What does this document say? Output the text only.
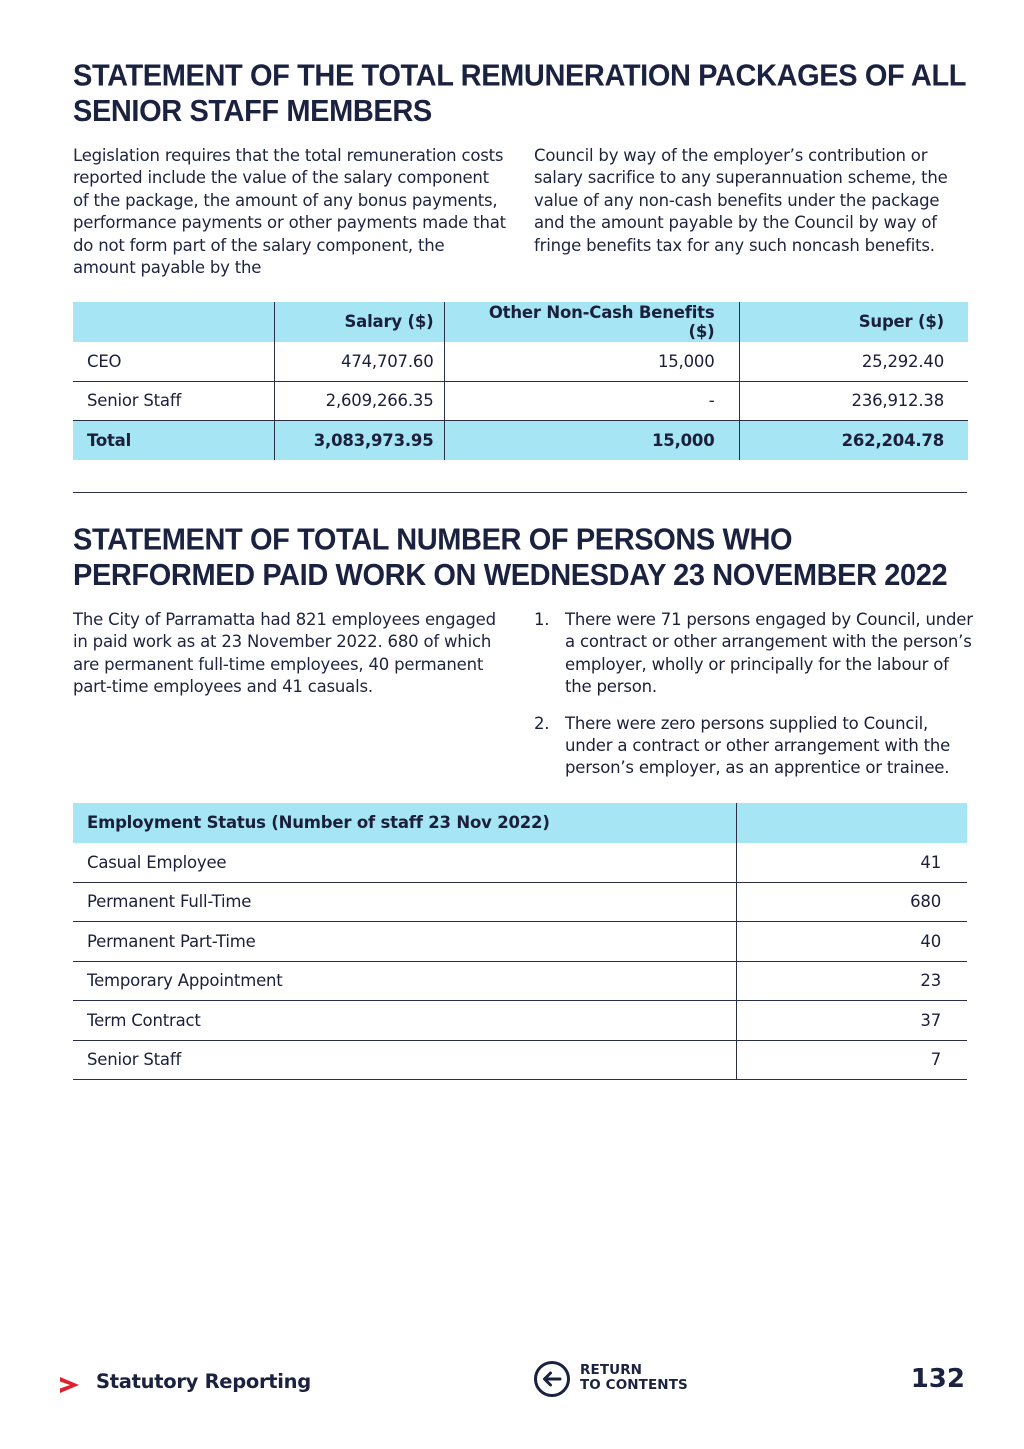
STATEMENT OF THE TOTAL REMUNERATION PACKAGES OF ALL SENIOR STAFF MEMBERS

Legislation requires that the total remuneration costs reported include the value of the salary component of the package, the amount of any bonus payments, performance payments or other payments made that do not form part of the salary component, the amount payable by the

Council by way of the employer’s contribution or salary sacrifice to any superannuation scheme, the value of any non-cash benefits under the package and the amount payable by the Council by way of fringe benefits tax for any such noncash benefits.

	Salary ($)	Other Non-Cash Benefits ($)	Super ($)
CEO	474,707.60	15,000	25,292.40
Senior Staff	2,609,266.35	-	236,912.38
Total	3,083,973.95	15,000	262,204.78
STATEMENT OF TOTAL NUMBER OF PERSONS WHO PERFORMED PAID WORK ON WEDNESDAY 23 NOVEMBER 2022

The City of Parramatta had 821 employees engaged in paid work as at 23 November 2022. 680 of which are permanent full-time employees, 40 permanent part-time employees and 41 casuals.

1. There were 71 persons engaged by Council, under a contract or other arrangement with the person’s employer, wholly or principally for the labour of the person.
2. There were zero persons supplied to Council, under a contract or other arrangement with the person’s employer, as an apprentice or trainee.
Employment Status (Number of staff 23 Nov 2022)	
Casual Employee	41
Permanent Full-Time	680
Permanent Part-Time	40
Temporary Appointment	23
Term Contract	37
Senior Staff	7
Statutory Reporting	RETURN
TO CONTENTS	132
